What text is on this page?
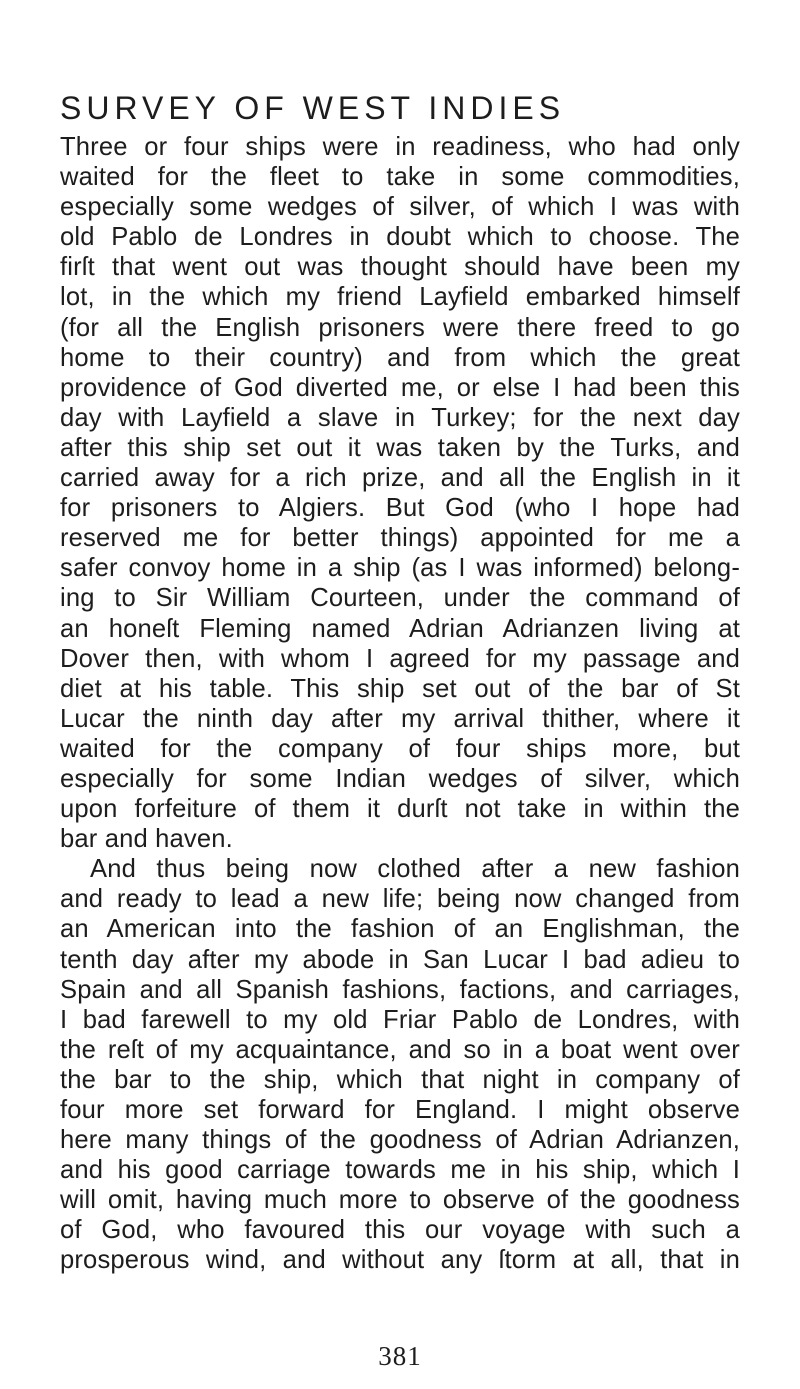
SURVEY OF WEST INDIES
Three or four ships were in readiness, who had only
waited for the fleet to take in some commodities,
especially some wedges of silver, of which I was with
old Pablo de Londres in doubt which to choose. The
firſt that went out was thought should have been my
lot, in the which my friend Layfield embarked himself
(for all the English prisoners were there freed to go
home to their country) and from which the great
providence of God diverted me, or else I had been this
day with Layfield a slave in Turkey; for the next day
after this ship set out it was taken by the Turks, and
carried away for a rich prize, and all the English in it
for prisoners to Algiers. But God (who I hope had
reserved me for better things) appointed for me a
safer convoy home in a ship (as I was informed) belong-
ing to Sir William Courteen, under the command of
an honeſt Fleming named Adrian Adrianzen living at
Dover then, with whom I agreed for my passage and
diet at his table. This ship set out of the bar of St
Lucar the ninth day after my arrival thither, where it
waited for the company of four ships more, but
especially for some Indian wedges of silver, which
upon forfeiture of them it durſt not take in within the
bar and haven.
And thus being now clothed after a new fashion
and ready to lead a new life; being now changed from
an American into the fashion of an Englishman, the
tenth day after my abode in San Lucar I bad adieu to
Spain and all Spanish fashions, factions, and carriages,
I bad farewell to my old Friar Pablo de Londres, with
the reſt of my acquaintance, and so in a boat went over
the bar to the ship, which that night in company of
four more set forward for England. I might observe
here many things of the goodness of Adrian Adrianzen,
and his good carriage towards me in his ship, which I
will omit, having much more to observe of the goodness
of God, who favoured this our voyage with such a
prosperous wind, and without any ſtorm at all, that in
381
